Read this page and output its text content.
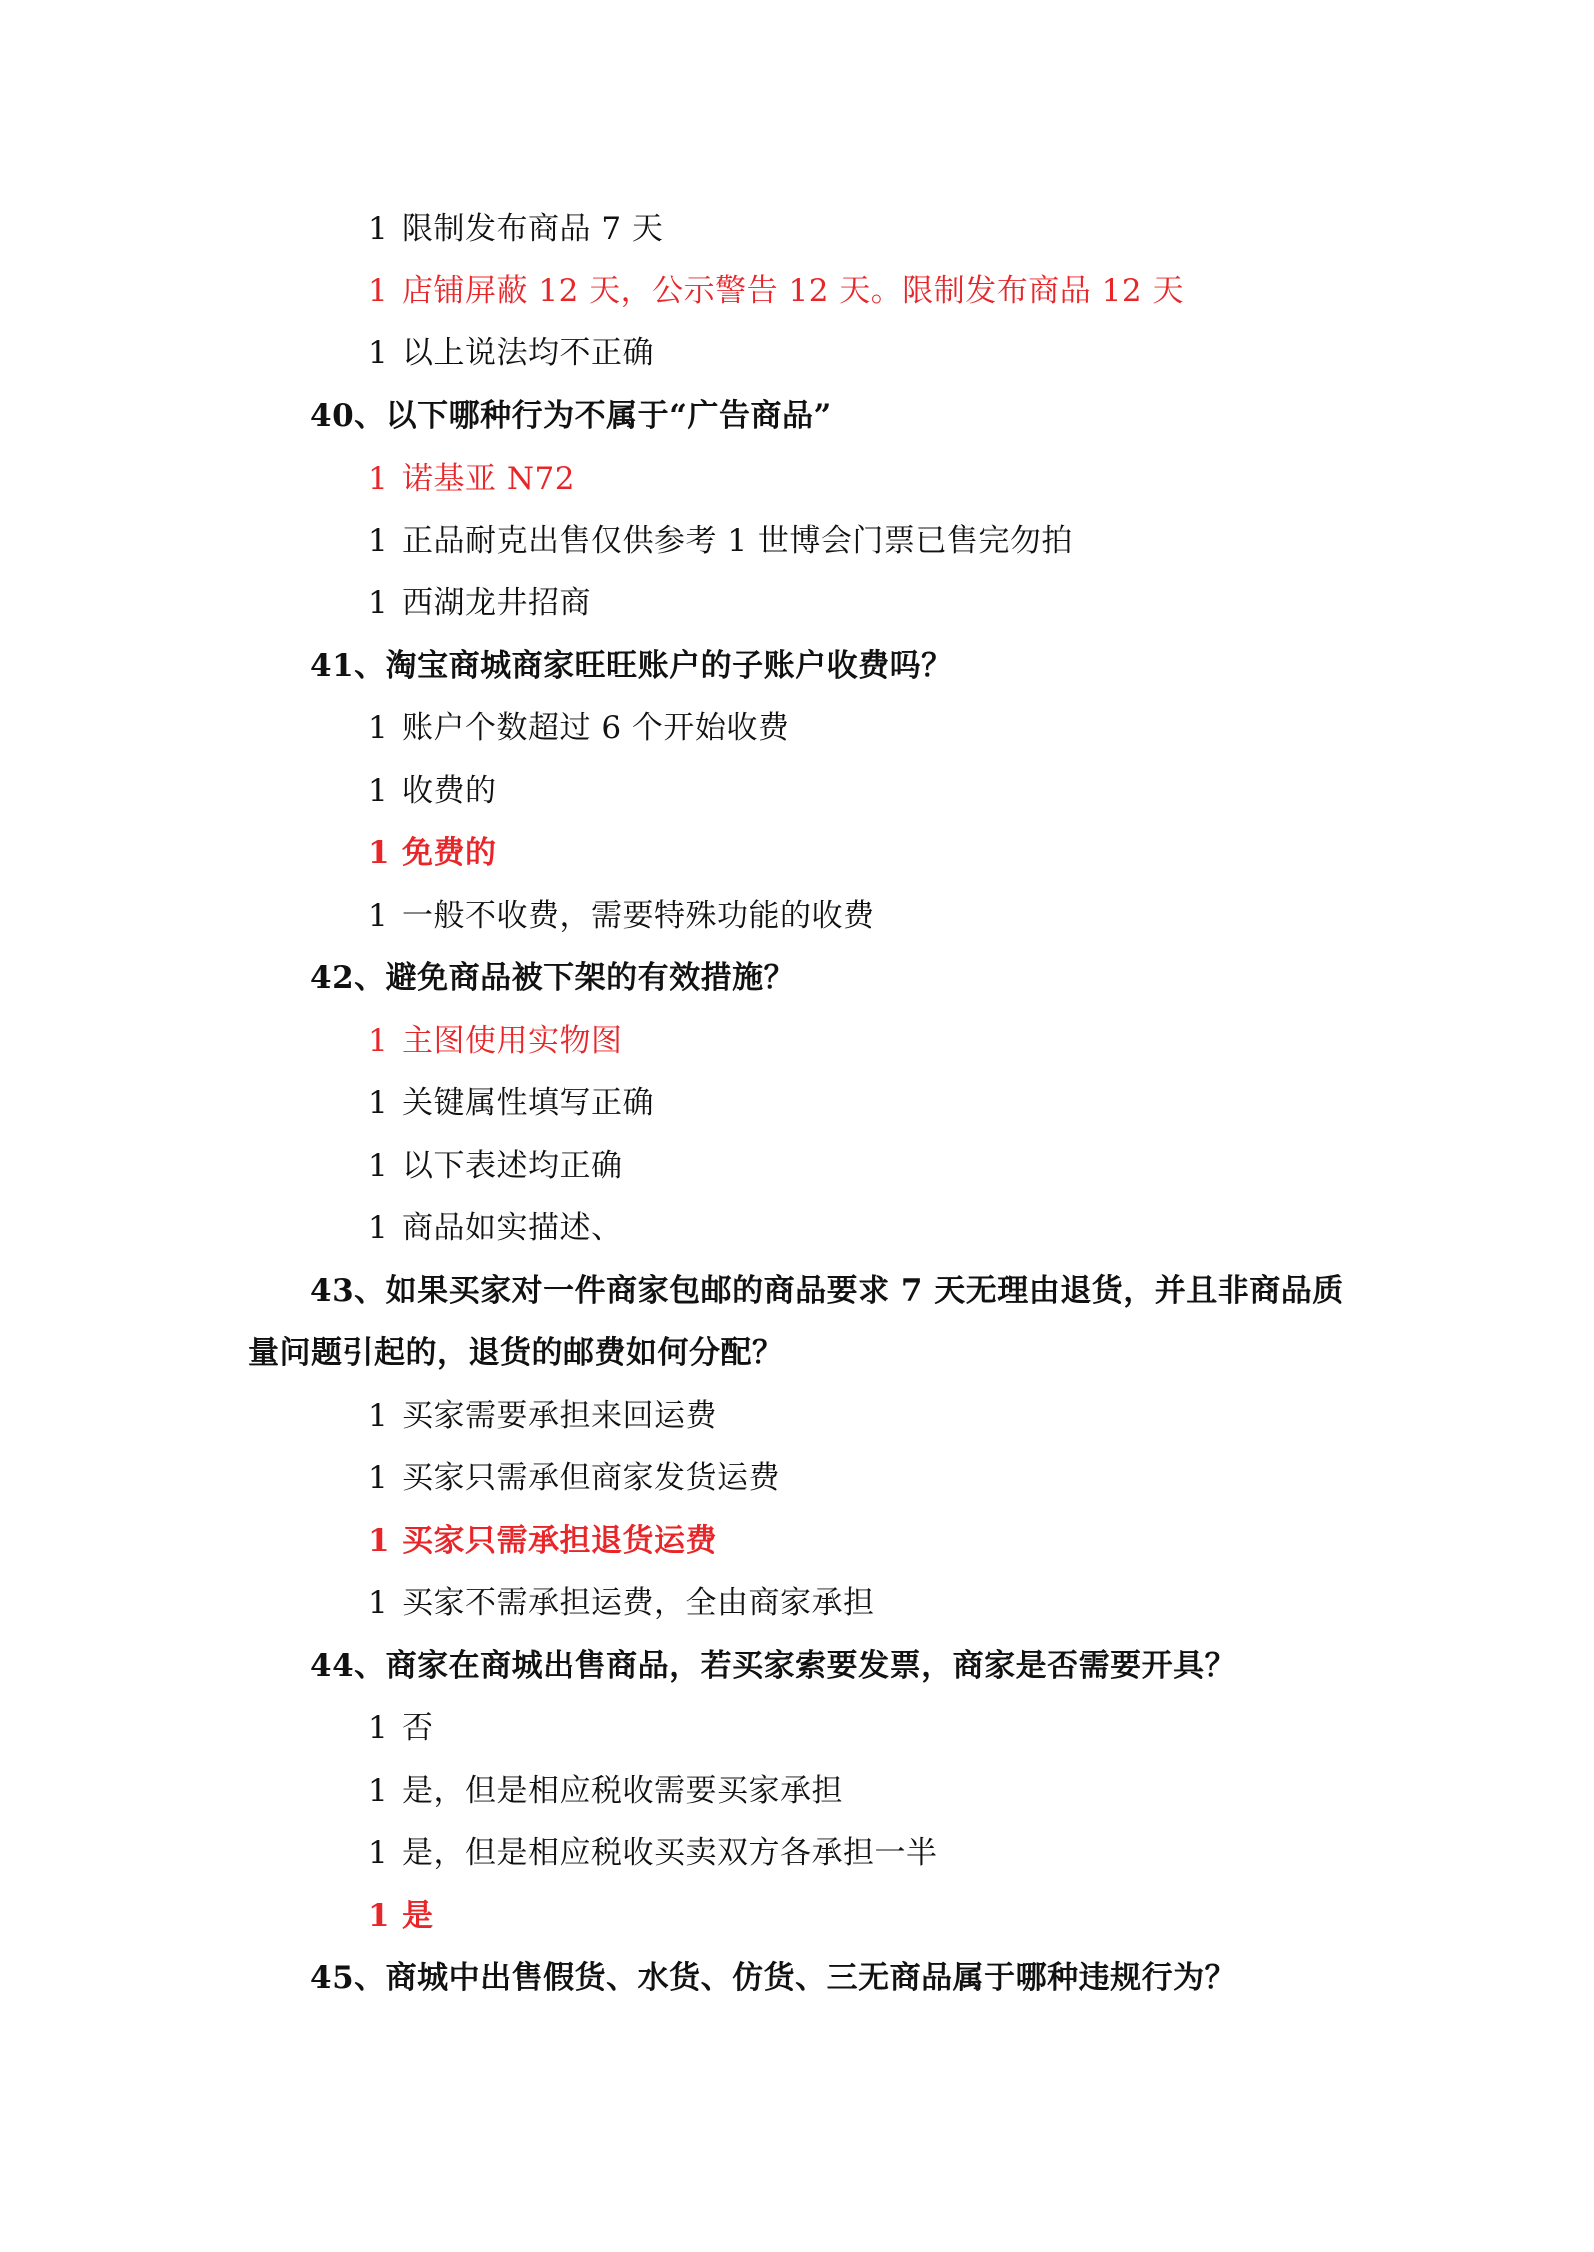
1 限制发布商品 7 天
1 店铺屏蔽 12 天，公示警告 12 天。限制发布商品 12 天
1 以上说法均不正确
40、以下哪种行为不属于“广告商品”
1 诺基亚 N72
1 正品耐克出售仅供参考 1 世博会门票已售完勿拍
1 西湖龙井招商
41、淘宝商城商家旺旺账户的子账户收费吗？
1 账户个数超过 6 个开始收费
1 收费的
1 免费的
1 一般不收费，需要特殊功能的收费
42、避免商品被下架的有效措施？
1 主图使用实物图
1 关键属性填写正确
1 以下表述均正确
1 商品如实描述、
43、如果买家对一件商家包邮的商品要求 7 天无理由退货，并且非商品质
量问题引起的，退货的邮费如何分配？
1 买家需要承担来回运费
1 买家只需承但商家发货运费
1 买家只需承担退货运费
1 买家不需承担运费，全由商家承担
44、商家在商城出售商品，若买家索要发票，商家是否需要开具？
1 否
1 是，但是相应税收需要买家承担
1 是，但是相应税收买卖双方各承担一半
1 是
45、商城中出售假货、水货、仿货、三无商品属于哪种违规行为？
